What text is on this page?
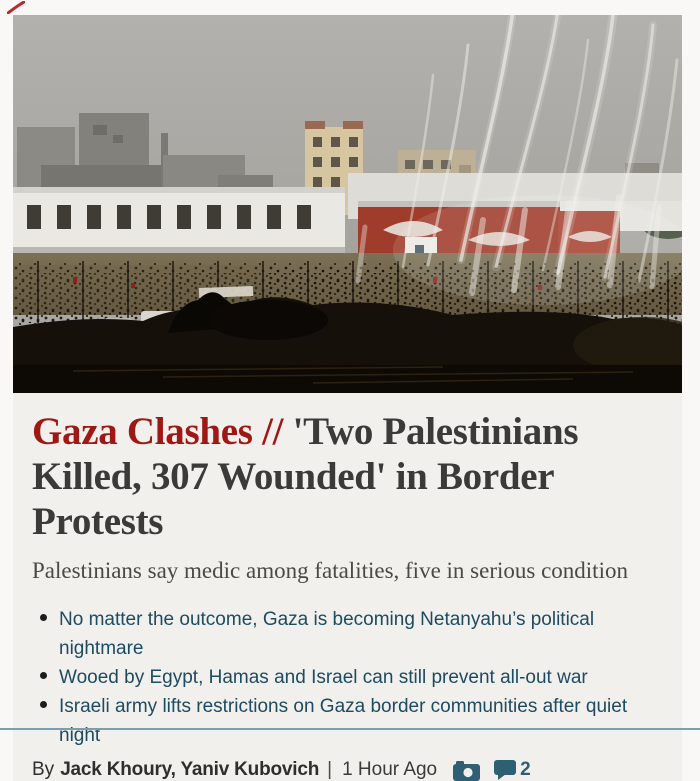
Gaza Clashes // 'Two Palestinians Killed, 307 Wounded' in Border Protests
Palestinians say medic among fatalities, five in serious condition
No matter the outcome, Gaza is becoming Netanyahu’s political nightmare
Wooed by Egypt, Hamas and Israel can still prevent all-out war
Israeli army lifts restrictions on Gaza border communities after quiet night
By Jack Khoury, Yaniv Kubovich | 1 Hour Ago	2
